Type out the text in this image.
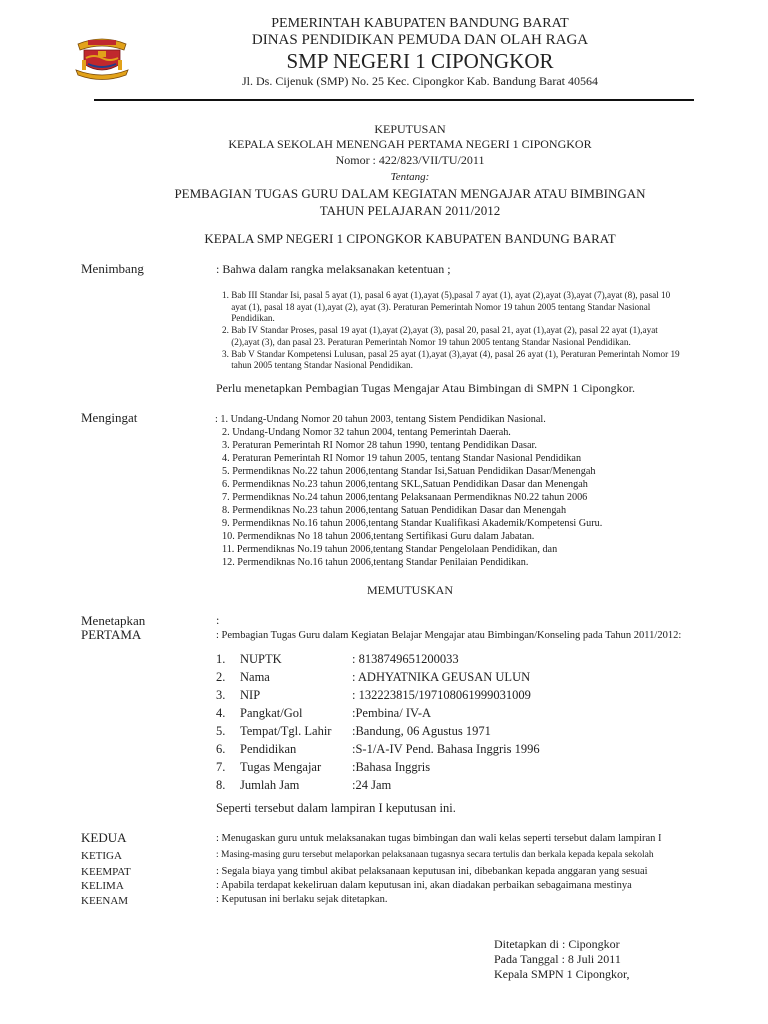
PEMERINTAH KABUPATEN BANDUNG BARAT
DINAS PENDIDIKAN PEMUDA DAN OLAH RAGA
SMP NEGERI 1 CIPONGKOR
Jl. Ds. Cijenuk (SMP) No. 25 Kec. Cipongkor Kab. Bandung Barat 40564
KEPUTUSAN
KEPALA SEKOLAH MENENGAH PERTAMA NEGERI 1 CIPONGKOR
Nomor : 422/823/VII/TU/2011
Tentang:
PEMBAGIAN TUGAS GURU DALAM KEGIATAN MENGAJAR ATAU BIMBINGAN
TAHUN PELAJARAN 2011/2012
KEPALA SMP NEGERI 1 CIPONGKOR KABUPATEN BANDUNG BARAT
Menimbang	: Bahwa dalam rangka melaksanakan ketentuan ;
1. Bab III Standar Isi, pasal 5 ayat (1), pasal 6 ayat (1),ayat (5),pasal 7 ayat (1), ayat (2),ayat (3),ayat (7),ayat (8), pasal 10
ayat (1), pasal 18 ayat (1),ayat (2), ayat (3). Peraturan Pemerintah Nomor 19 tahun 2005 tentang Standar Nasional
Pendidikan.
2. Bab IV Standar Proses, pasal 19 ayat (1),ayat (2),ayat (3), pasal 20, pasal 21, ayat (1),ayat (2), pasal 22 ayat (1),ayat
(2),ayat (3), dan pasal 23. Peraturan Pemerintah Nomor 19 tahun 2005 tentang Standar Nasional Pendidikan.
3. Bab V Standar Kompetensi Lulusan, pasal 25 ayat (1),ayat (3),ayat (4), pasal 26 ayat (1), Peraturan Pemerintah Nomor 19
tahun 2005 tentang Standar Nasional Pendidikan.
Perlu menetapkan Pembagian Tugas Mengajar Atau Bimbingan di SMPN 1 Cipongkor.
Mengingat	: 1. Undang-Undang Nomor 20 tahun 2003, tentang Sistem Pendidikan Nasional.
2. Undang-Undang Nomor 32 tahun 2004, tentang Pemerintah Daerah.
3. Peraturan Pemerintah RI Nomor 28 tahun 1990, tentang Pendidikan Dasar.
4. Peraturan Pemerintah RI Nomor 19 tahun 2005, tentang Standar Nasional Pendidikan
5. Permendiknas No.22 tahun 2006,tentang Standar Isi,Satuan Pendidikan Dasar/Menengah
6. Permendiknas No.23 tahun 2006,tentang SKL,Satuan Pendidikan Dasar dan Menengah
7. Permendiknas No.24 tahun 2006,tentang Pelaksanaan Permendiknas N0.22 tahun 2006
8. Permendiknas No.23 tahun 2006,tentang Satuan Pendidikan Dasar dan Menengah
9. Permendiknas No.16 tahun 2006,tentang Standar Kualifikasi Akademik/Kompetensi Guru.
10. Permendiknas No 18 tahun 2006,tentang Sertifikasi Guru dalam Jabatan.
11. Permendiknas No.19 tahun 2006,tentang Standar Pengelolaan Pendidikan, dan
12. Permendiknas No.16 tahun 2006,tentang Standar Penilaian Pendidikan.
MEMUTUSKAN
Menetapkan	:
PERTAMA	: Pembagian Tugas Guru dalam Kegiatan Belajar Mengajar atau Bimbingan/Konseling pada Tahun 2011/2012:
1. NUPTK	: 8138749651200033
2. Nama	: ADHYATNIKA GEUSAN ULUN
3. NIP	: 132223815/197108061999031009
4. Pangkat/Gol	:Pembina/ IV-A
5. Tempat/Tgl. Lahir :Bandung, 06 Agustus 1971
6. Pendidikan	:S-1/A-IV Pend. Bahasa Inggris 1996
7. Tugas Mengajar :Bahasa Inggris
8. Jumlah Jam	:24 Jam
Seperti tersebut dalam lampiran I keputusan ini.
KEDUA	: Menugaskan guru untuk melaksanakan tugas bimbingan dan wali kelas seperti tersebut dalam lampiran I
KETIGA	: Masing-masing guru tersebut melaporkan pelaksanaan tugasnya secara tertulis dan berkala kepada kepala sekolah
KEEMPAT	: Segala biaya yang timbul akibat pelaksanaan keputusan ini, dibebankan kepada anggaran yang sesuai
KELIMA	: Apabila terdapat kekeliruan dalam keputusan ini, akan diadakan perbaikan sebagaimana mestinya
KEENAM	: Keputusan ini berlaku sejak ditetapkan.
Ditetapkan di : Cipongkor
Pada Tanggal : 8 Juli 2011
Kepala SMPN 1 Cipongkor,
